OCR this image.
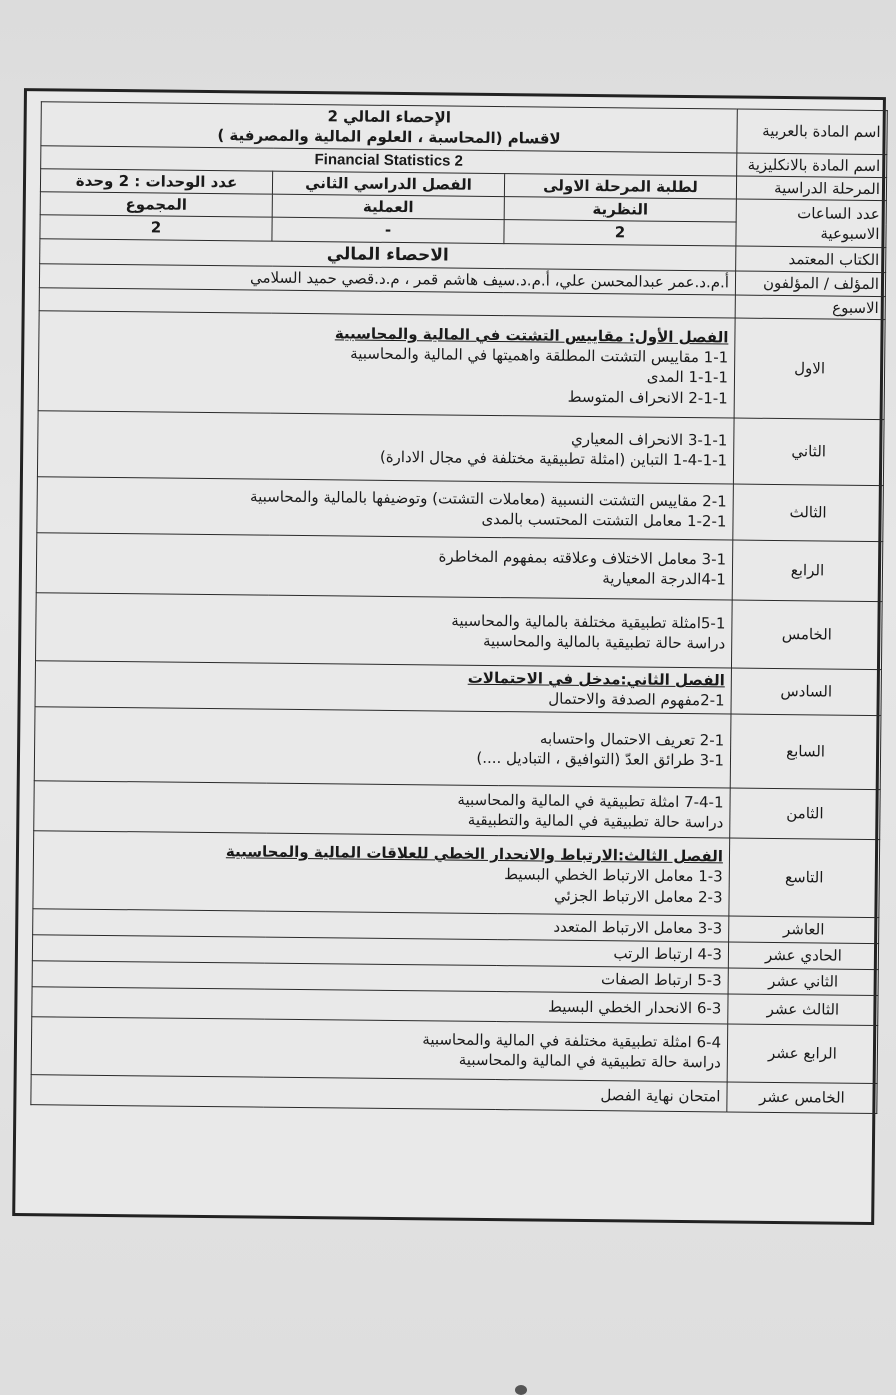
اسم المادة بالعربية	الإحصاء المالي 2
لاقسام (المحاسبة ، العلوم المالية والمصرفية )		

اسم المادة بالانكليزية	Financial Statistics 2		
المرحلة الدراسية	لطلبة المرحلة الاولى	الفصل الدراسي الثاني	عدد الوحدات : 2 وحدة
عدد الساعات الاسبوعية	النظرية	العملية	المجموع
	2	-	2
الكتاب المعتمد	الاحصاء المالي		
المؤلف / المؤلفون	أ.م.د.عمر عبدالمحسن علي، أ.م.د.سيف هاشم قمر ، م.د.قصي حميد السلامي		
الاسبوع			
الاول	الفصل الأول: مقاييس التشتت في المالية والمحاسبية
1-1 مقاييس التشتت المطلقة واهميتها في المالية والمحاسبية
1-1-1 المدى
2-1-1 الانحراف المتوسط		

الثاني	3-1-1 الانحراف المعياري
1-4-1-1 التباين (امثلة تطبيقية مختلفة في مجال الادارة)		

الثالث	2-1 مقاييس التشتت النسبية (معاملات التشتت) وتوضيفها بالمالية والمحاسبية
1-2-1 معامل التشتت المحتسب بالمدى		

الرابع	3-1 معامل الاختلاف وعلاقته بمفهوم المخاطرة
4-1الدرجة المعيارية		

الخامس	5-1امثلة تطبيقية مختلفة بالمالية والمحاسبية
دراسة حالة تطبيقية بالمالية والمحاسبية		

السادس	الفصل الثاني:مدخل في الاحتمالات
2-1مفهوم الصدفة والاحتمال		

السابع	2-1 تعريف الاحتمال واحتسابه
3-1 طرائق العدّ (التوافيق ، التباديل ....)		

الثامن	7-4-1 امثلة تطبيقية في المالية والمحاسبية
دراسة حالة تطبيقية في المالية والتطبيقية		

التاسع	الفصل الثالث:الارتباط والانحدار الخطي للعلاقات المالية والمحاسبية
1-3 معامل الارتباط الخطي البسيط
2-3 معامل الارتباط الجزئي		

العاشر	3-3 معامل الارتباط المتعدد		

الحادي عشر	4-3 ارتباط الرتب		

الثاني عشر	5-3 ارتباط الصفات		

الثالث عشر	6-3 الانحدار الخطي البسيط		

الرابع عشر	6-4 امثلة تطبيقية مختلفة في المالية والمحاسبية
دراسة حالة تطبيقية في المالية والمحاسبية		

الخامس عشر	امتحان نهاية الفصل		
